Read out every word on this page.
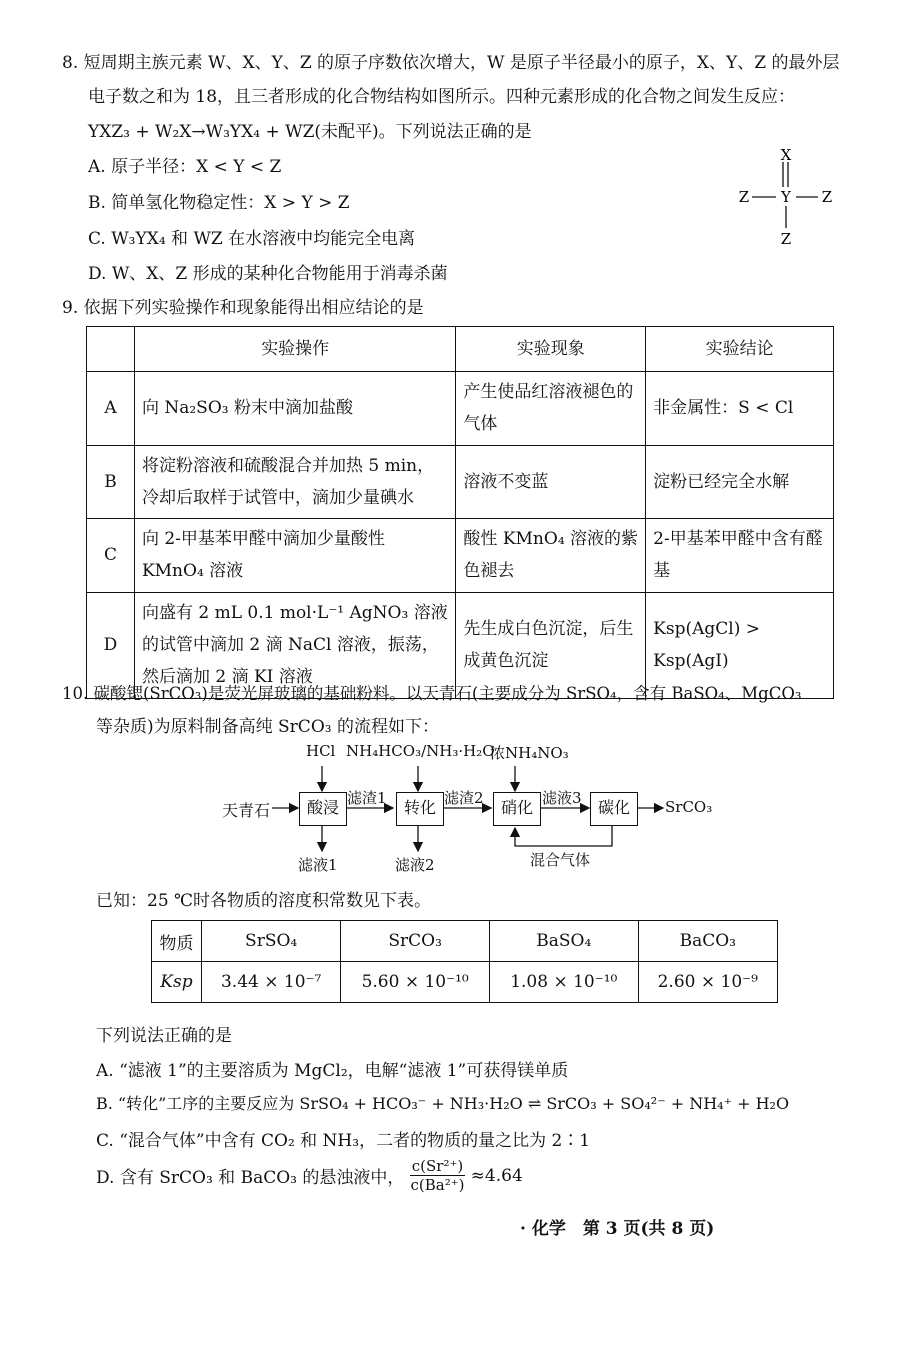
8. 短周期主族元素 W、X、Y、Z 的原子序数依次增大，W 是原子半径最小的原子，X、Y、Z 的最外层
电子数之和为 18，且三者形成的化合物结构如图所示。四种元素形成的化合物之间发生反应：
YXZ₃ + W₂X→W₃YX₄ + WZ(未配平)。下列说法正确的是
A. 原子半径：X < Y < Z
B. 简单氢化物稳定性：X > Y > Z
C. W₃YX₄ 和 WZ 在水溶液中均能完全电离
D. W、X、Z 形成的某种化合物能用于消毒杀菌
X
Y
Z	Z
Z
9. 依据下列实验操作和现象能得出相应结论的是
	实验操作	实验现象	实验结论
A	向 Na₂SO₃ 粉末中滴加盐酸	产生使品红溶液褪色的气体	非金属性：S < Cl
B	将淀粉溶液和硫酸混合并加热 5 min，冷却后取样于试管中，滴加少量碘水	溶液不变蓝	淀粉已经完全水解
C	向 2-甲基苯甲醛中滴加少量酸性 KMnO₄ 溶液	酸性 KMnO₄ 溶液的紫色褪去	2-甲基苯甲醛中含有醛基
D	向盛有 2 mL 0.1 mol·L⁻¹ AgNO₃ 溶液的试管中滴加 2 滴 NaCl 溶液，振荡，然后滴加 2 滴 KI 溶液	先生成白色沉淀，后生成黄色沉淀	Ksp(AgCl) > Ksp(AgI)
10. 碳酸锶(SrCO₃)是荧光屏玻璃的基础粉料。以天青石(主要成分为 SrSO₄，含有 BaSO₄、MgCO₃
等杂质)为原料制备高纯 SrCO₃ 的流程如下：
HCl NH₄HCO₃/NH₃·H₂O
浓NH₄NO₃
天青石	酸浸	转化	硝化	碳化
滤渣1	滤渣2	滤液3	SrCO₃
滤液1	滤液2	混合气体
已知：25 ℃时各物质的溶度积常数见下表。
物质	SrSO₄	SrCO₃	BaSO₄	BaCO₃
Ksp	3.44 × 10⁻⁷	5.60 × 10⁻¹⁰	1.08 × 10⁻¹⁰	2.60 × 10⁻⁹
下列说法正确的是
A. “滤液 1”的主要溶质为 MgCl₂，电解“滤液 1”可获得镁单质
B. “转化”工序的主要反应为 SrSO₄ + HCO₃⁻ + NH₃·H₂O ⇌ SrCO₃ + SO₄²⁻ + NH₄⁺ + H₂O
C. “混合气体”中含有 CO₂ 和 NH₃，二者的物质的量之比为 2∶1
D. 含有 SrCO₃ 和 BaCO₃ 的悬浊液中， $\frac{\text{c(Sr²⁺)}}{\text{c(Ba²⁺)}} \approx 4.64$
· 化学　第 3 页(共 8 页)
